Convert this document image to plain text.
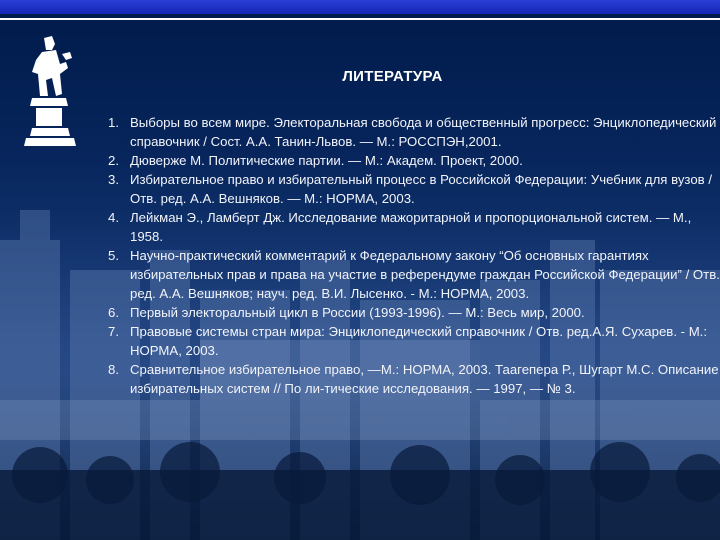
ЛИТЕРАТУРА
1. Выборы во всем мире. Электоральная свобода и общественный прогресс: Энциклопедический справочник / Сост. А.А. Танин-Львов. — М.: РОССПЭН,2001.
2. Дюверже М. Политические партии. — М.: Академ. Проект, 2000.
3. Избирательное право и избирательный процесс в Российской Федерации: Учебник для вузов / Отв. ред. А.А. Вешняков. — М.: НОРМА, 2003.
4. Лейкман Э., Ламберт Дж. Исследование мажоритарной и пропорциональной систем. — М., 1958.
5. Научно-практический комментарий к Федеральному закону “Об основных гарантиях избирательных прав и права на участие в референдуме граждан Российской Федерации” / Отв. ред. А.А. Вешняков; науч. ред. В.И. Лысенко. - М.: НОРМА, 2003.
6. Первый электоральный цикл в России (1993-1996). — М.: Весь мир, 2000.
7. Правовые системы стран мира: Энциклопедический справочник / Отв. ред.А.Я. Сухарев. - М.: НОРМА, 2003.
8. Сравнительное избирательное право, —М.: НОРМА, 2003. Таагепера Р., Шугарт М.С. Описание избирательных систем // По ли-тические исследования. — 1997, — № 3.
